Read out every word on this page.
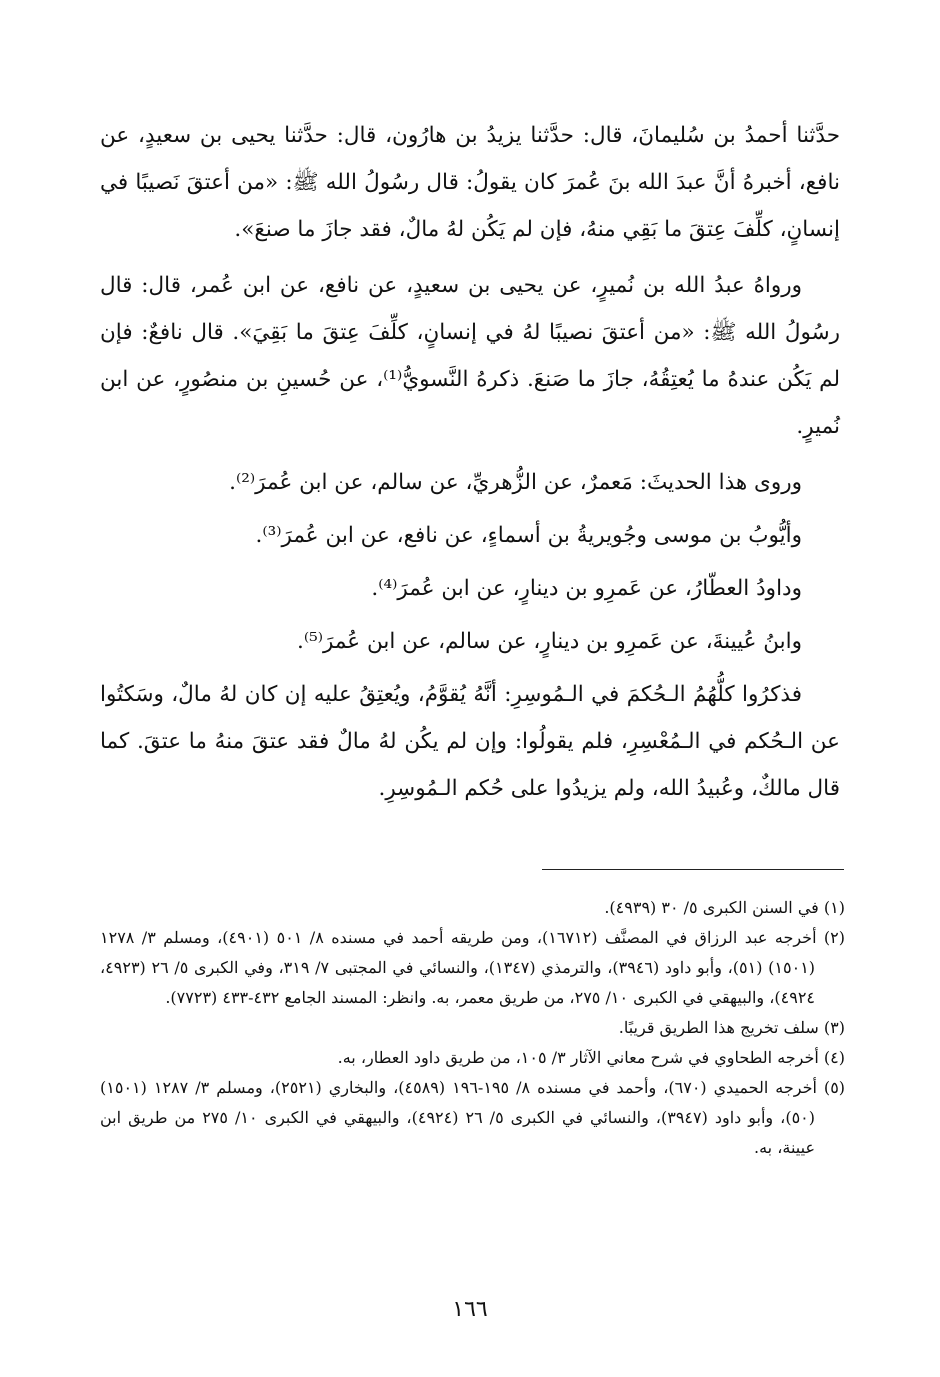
حدَّثنا أحمدُ بن سُليمانَ، قال: حدَّثنا يزيدُ بن هارُون، قال: حدَّثنا يحيى بن سعيدٍ، عن نافع، أخبرهُ أنَّ عبدَ الله بنَ عُمرَ كان يقولُ: قال رسُولُ الله ﷺ: «من أعتقَ نَصيبًا في إنسانٍ، كلِّفَ عِتقَ ما بَقِي منهُ، فإن لم يَكُن لهُ مالٌ، فقد جازَ ما صنعَ».

ورواهُ عبدُ الله بن نُميرٍ، عن يحيى بن سعيدٍ، عن نافع، عن ابن عُمر، قال: قال رسُولُ الله ﷺ: «من أعتقَ نصيبًا لهُ في إنسانٍ، كلِّفَ عِتقَ ما بَقِيَ». قال نافعٌ: فإن لم يَكُن عندهُ ما يُعتِقُهُ، جازَ ما صَنعَ. ذكرهُ النَّسويُّ⁽¹⁾، عن حُسينِ بن منصُورٍ، عن ابن نُميرٍ.

وروى هذا الحديثَ: مَعمرٌ، عن الزُّهريِّ، عن سالم، عن ابن عُمرَ⁽²⁾.

وأيُّوبُ بن موسى وجُويريةُ بن أسماءٍ، عن نافع، عن ابن عُمرَ⁽³⁾.

وداودُ العطّارُ، عن عَمرِو بن دينارٍ، عن ابن عُمرَ⁽⁴⁾.

وابنُ عُيينةَ، عن عَمرِو بن دينارٍ، عن سالم، عن ابن عُمرَ⁽⁵⁾.

فذكرُوا كلُّهُمُ الـحُكمَ في الـمُوسِرِ: أنَّهُ يُقوَّمُ، ويُعتِقُ عليه إن كان لهُ مالٌ، وسَكتُوا عن الـحُكم في الـمُعْسِرِ، فلم يقولُوا: وإن لم يكُن لهُ مالٌ فقد عتقَ منهُ ما عتقَ. كما قال مالكٌ، وعُبيدُ الله، ولم يزيدُوا على حُكم الـمُوسِرِ.

(١) في السنن الكبرى ٥/ ٣٠ (٤٩٣٩).

(٢) أخرجه عبد الرزاق في المصنَّف (١٦٧١٢)، ومن طريقه أحمد في مسنده ٨/ ٥٠١ (٤٩٠١)، ومسلم ٣/ ١٢٧٨ (١٥٠١) (٥١)، وأبو داود (٣٩٤٦)، والترمذي (١٣٤٧)، والنسائي في المجتبى ٧/ ٣١٩، وفي الكبرى ٥/ ٢٦ (٤٩٢٣، ٤٩٢٤)، والبيهقي في الكبرى ١٠/ ٢٧٥، من طريق معمر، به. وانظر: المسند الجامع ٤٣٢-٤٣٣ (٧٧٢٣).

(٣) سلف تخريج هذا الطريق قريبًا.

(٤) أخرجه الطحاوي في شرح معاني الآثار ٣/ ١٠٥، من طريق داود العطار، به.

(٥) أخرجه الحميدي (٦٧٠)، وأحمد في مسنده ٨/ ١٩٥-١٩٦ (٤٥٨٩)، والبخاري (٢٥٢١)، ومسلم ٣/ ١٢٨٧ (١٥٠١) (٥٠)، وأبو داود (٣٩٤٧)، والنسائي في الكبرى ٥/ ٢٦ (٤٩٢٤)، والبيهقي في الكبرى ١٠/ ٢٧٥ من طريق ابن عيينة، به.

١٦٦
